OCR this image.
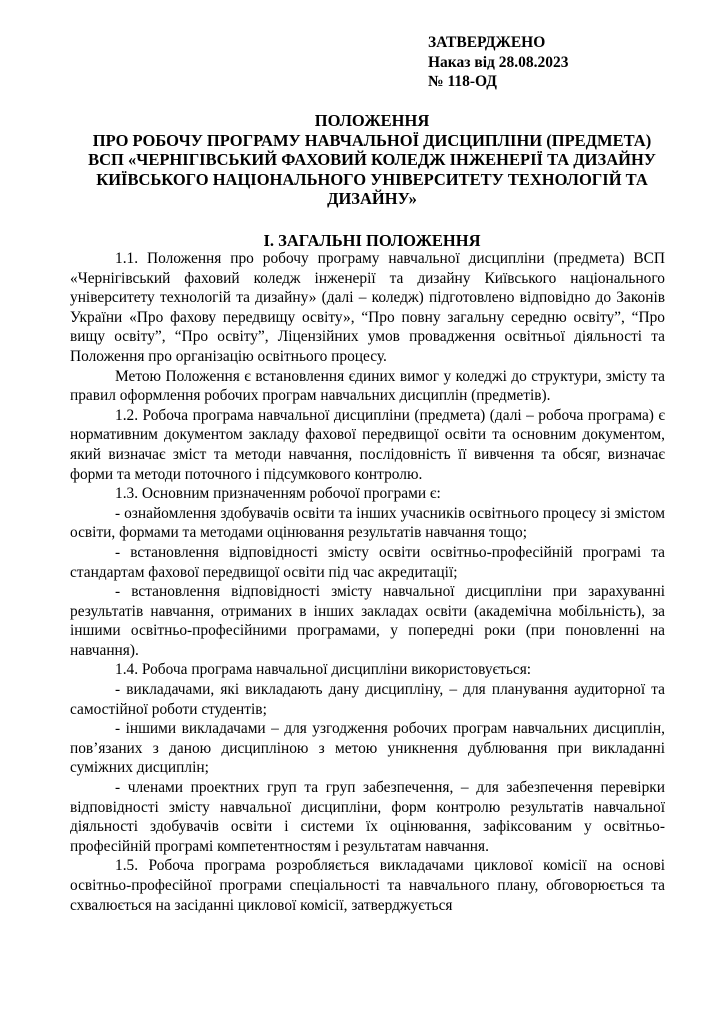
ЗАТВЕРДЖЕНО
Наказ від 28.08.2023
№ 118-ОД
ПОЛОЖЕННЯ
ПРО РОБОЧУ ПРОГРАМУ НАВЧАЛЬНОЇ ДИСЦИПЛІНИ (ПРЕДМЕТА)
ВСП «ЧЕРНІГІВСЬКИЙ ФАХОВИЙ КОЛЕДЖ ІНЖЕНЕРІЇ ТА ДИЗАЙНУ
КИЇВСЬКОГО НАЦІОНАЛЬНОГО УНІВЕРСИТЕТУ ТЕХНОЛОГІЙ ТА
ДИЗАЙНУ»
І. ЗАГАЛЬНІ ПОЛОЖЕННЯ

1.1. Положення про робочу програму навчальної дисципліни (предмета) ВСП «Чернігівський фаховий коледж інженерії та дизайну Київського національного університету технологій та дизайну» (далі – коледж) підготовлено відповідно до Законів України «Про фахову передвищу освіту», “Про повну загальну середню освіту”, “Про вищу освіту”, “Про освіту”, Ліцензійних умов провадження освітньої діяльності та Положення про організацію освітнього процесу.

Метою Положення є встановлення єдиних вимог у коледжі до структури, змісту та правил оформлення робочих програм навчальних дисциплін (предметів).

1.2. Робоча програма навчальної дисципліни (предмета) (далі – робоча програма) є нормативним документом закладу фахової передвищої освіти та основним документом, який визначає зміст та методи навчання, послідовність її вивчення та обсяг, визначає форми та методи поточного і підсумкового контролю.

1.3. Основним призначенням робочої програми є:

- ознайомлення здобувачів освіти та інших учасників освітнього процесу зі змістом освіти, формами та методами оцінювання результатів навчання тощо;

- встановлення відповідності змісту освіти освітньо-професійній програмі та стандартам фахової передвищої освіти під час акредитації;

- встановлення відповідності змісту навчальної дисципліни при зарахуванні результатів навчання, отриманих в інших закладах освіти (академічна мобільність), за іншими освітньо-професійними програмами, у попередні роки (при поновленні на навчання).

1.4. Робоча програма навчальної дисципліни використовується:

- викладачами, які викладають дану дисципліну, – для планування аудиторної та самостійної роботи студентів;

- іншими викладачами – для узгодження робочих програм навчальних дисциплін, пов’язаних з даною дисципліною з метою уникнення дублювання при викладанні суміжних дисциплін;

- членами проектних груп та груп забезпечення, – для забезпечення перевірки відповідності змісту навчальної дисципліни, форм контролю результатів навчальної діяльності здобувачів освіти і системи їх оцінювання, зафіксованим у освітньо-професійній програмі компетентностям і результатам навчання.

1.5. Робоча програма розробляється викладачами циклової комісії на основі освітньо-професійної програми спеціальності та навчального плану, обговорюється та схвалюється на засіданні циклової комісії, затверджується
